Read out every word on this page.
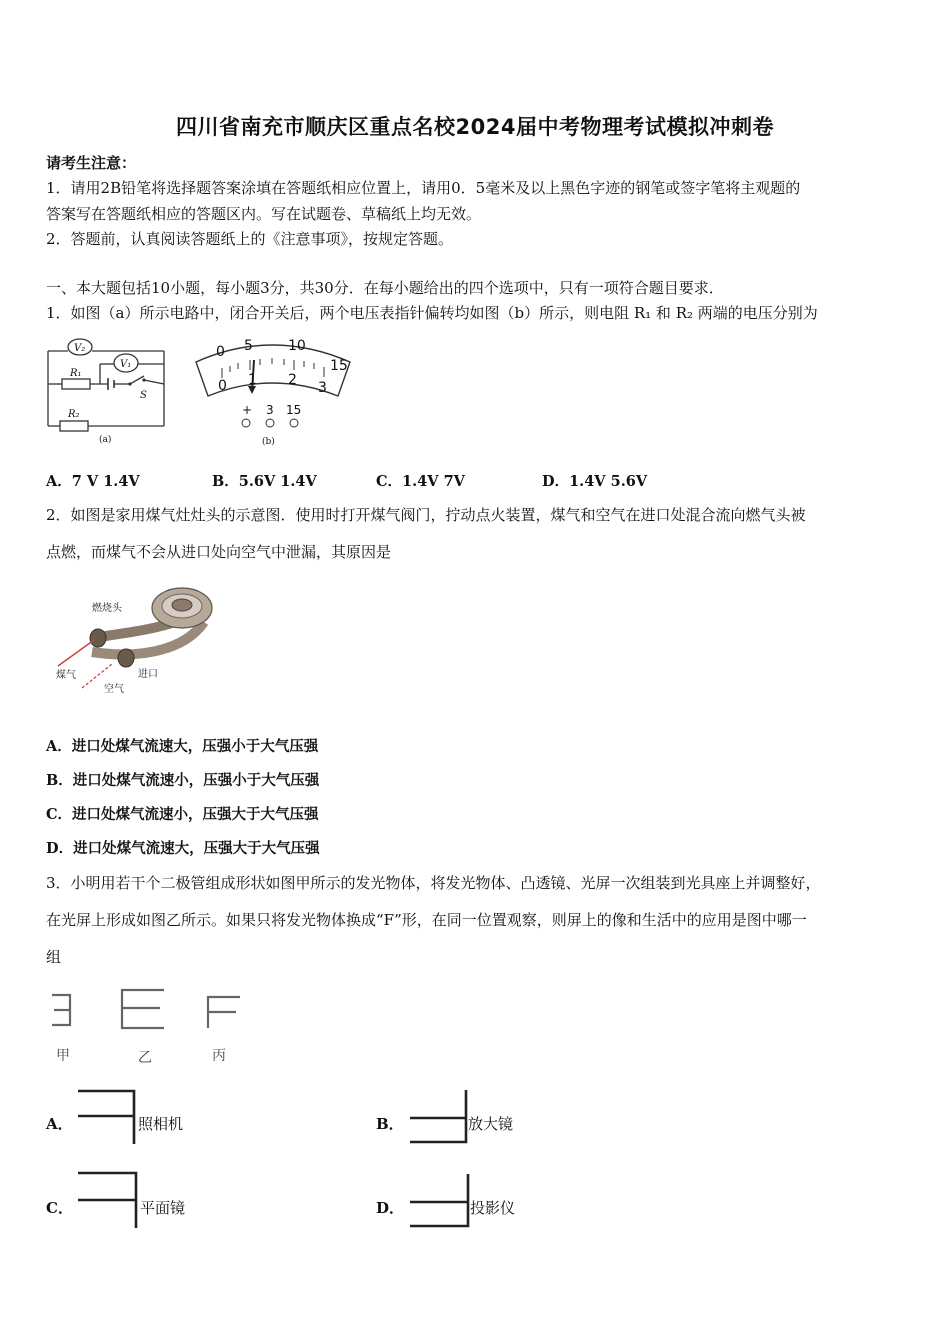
四川省南充市顺庆区重点名校2024届中考物理考试模拟冲刺卷
请考生注意：
1．请用2B铅笔将选择题答案涂填在答题纸相应位置上，请用0．5毫米及以上黑色字迹的钢笔或签字笔将主观题的
答案写在答题纸相应的答题区内。写在试题卷、草稿纸上均无效。
2．答题前，认真阅读答题纸上的《注意事项》，按规定答题。
一、本大题包括10小题，每小题3分，共30分．在每小题给出的四个选项中，只有一项符合题目要求．
1．如图（a）所示电路中，闭合开关后，两个电压表指针偏转均如图（b）所示，则电阻 R₁ 和 R₂ 两端的电压分别为
V₂
V₁
R₁
S
R₂
(a)
0 5	10
15
0 1 2 3
+ 3 15
(b)
A．7 V 1.4V	B．5.6V 1.4V	C．1.4V 7V	D．1.4V 5.6V
2．如图是家用煤气灶灶头的示意图．使用时打开煤气阀门，拧动点火装置，煤气和空气在进口处混合流向燃气头被
点燃，而煤气不会从进口处向空气中泄漏，其原因是
燃烧头
煤气	进口
空气
A．进口处煤气流速大，压强小于大气压强
B．进口处煤气流速小，压强小于大气压强
C．进口处煤气流速小，压强大于大气压强
D．进口处煤气流速大，压强大于大气压强
3．小明用若干个二极管组成形状如图甲所示的发光物体，将发光物体、凸透镜、光屏一次组装到光具座上并调整好，
在光屏上形成如图乙所示。如果只将发光物体换成“F”形，在同一位置观察，则屏上的像和生活中的应用是图中哪一
组
甲	乙	丙
A．	照相机	B．	放大镜
C．	平面镜	D．	投影仪
